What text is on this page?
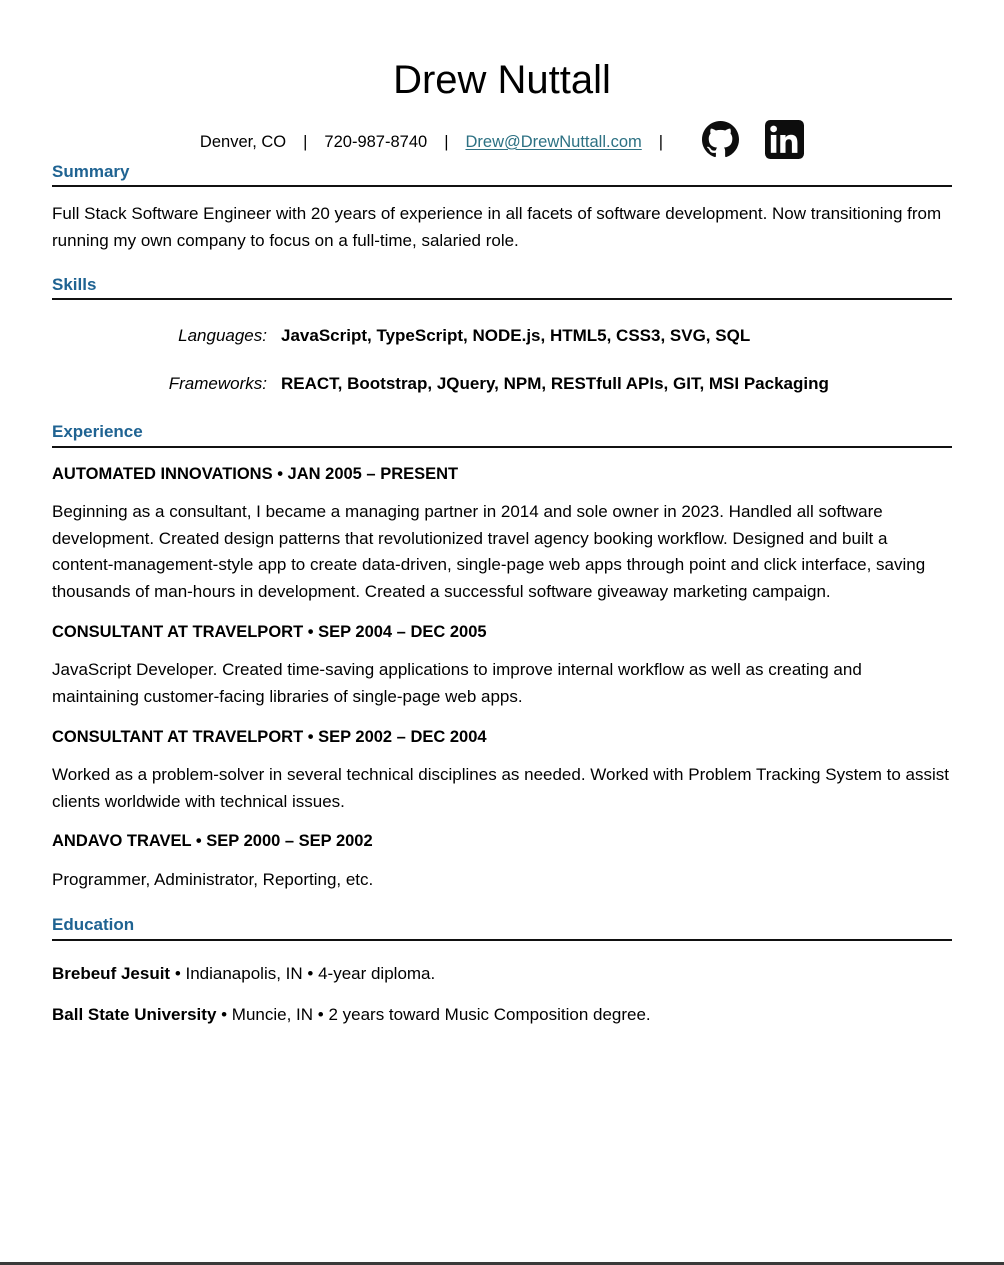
Drew Nuttall
Denver, CO	|	720-987-8740	|	Drew@DrewNuttall.com	|
Summary

Full Stack Software Engineer with 20 years of experience in all facets of software development. Now transitioning from running my own company to focus on a full-time, salaried role.

Skills
Languages: JavaScript, TypeScript, NODE.js, HTML5, CSS3, SVG, SQL
Frameworks: REACT, Bootstrap, JQuery, NPM, RESTfull APIs, GIT, MSI Packaging
Experience

AUTOMATED INNOVATIONS • JAN 2005 – PRESENT

Beginning as a consultant, I became a managing partner in 2014 and sole owner in 2023. Handled all software development. Created design patterns that revolutionized travel agency booking workflow. Designed and built a content-management-style app to create data-driven, single-page web apps through point and click interface, saving thousands of man-hours in development. Created a successful software giveaway marketing campaign.

CONSULTANT AT TRAVELPORT • SEP 2004 – DEC 2005

JavaScript Developer. Created time-saving applications to improve internal workflow as well as creating and maintaining customer-facing libraries of single-page web apps.

CONSULTANT AT TRAVELPORT • SEP 2002 – DEC 2004

Worked as a problem-solver in several technical disciplines as needed. Worked with Problem Tracking System to assist clients worldwide with technical issues.

ANDAVO TRAVEL • SEP 2000 – SEP 2002

Programmer, Administrator, Reporting, etc.

Education

Brebeuf Jesuit • Indianapolis, IN • 4-year diploma.

Ball State University • Muncie, IN • 2 years toward Music Composition degree.
